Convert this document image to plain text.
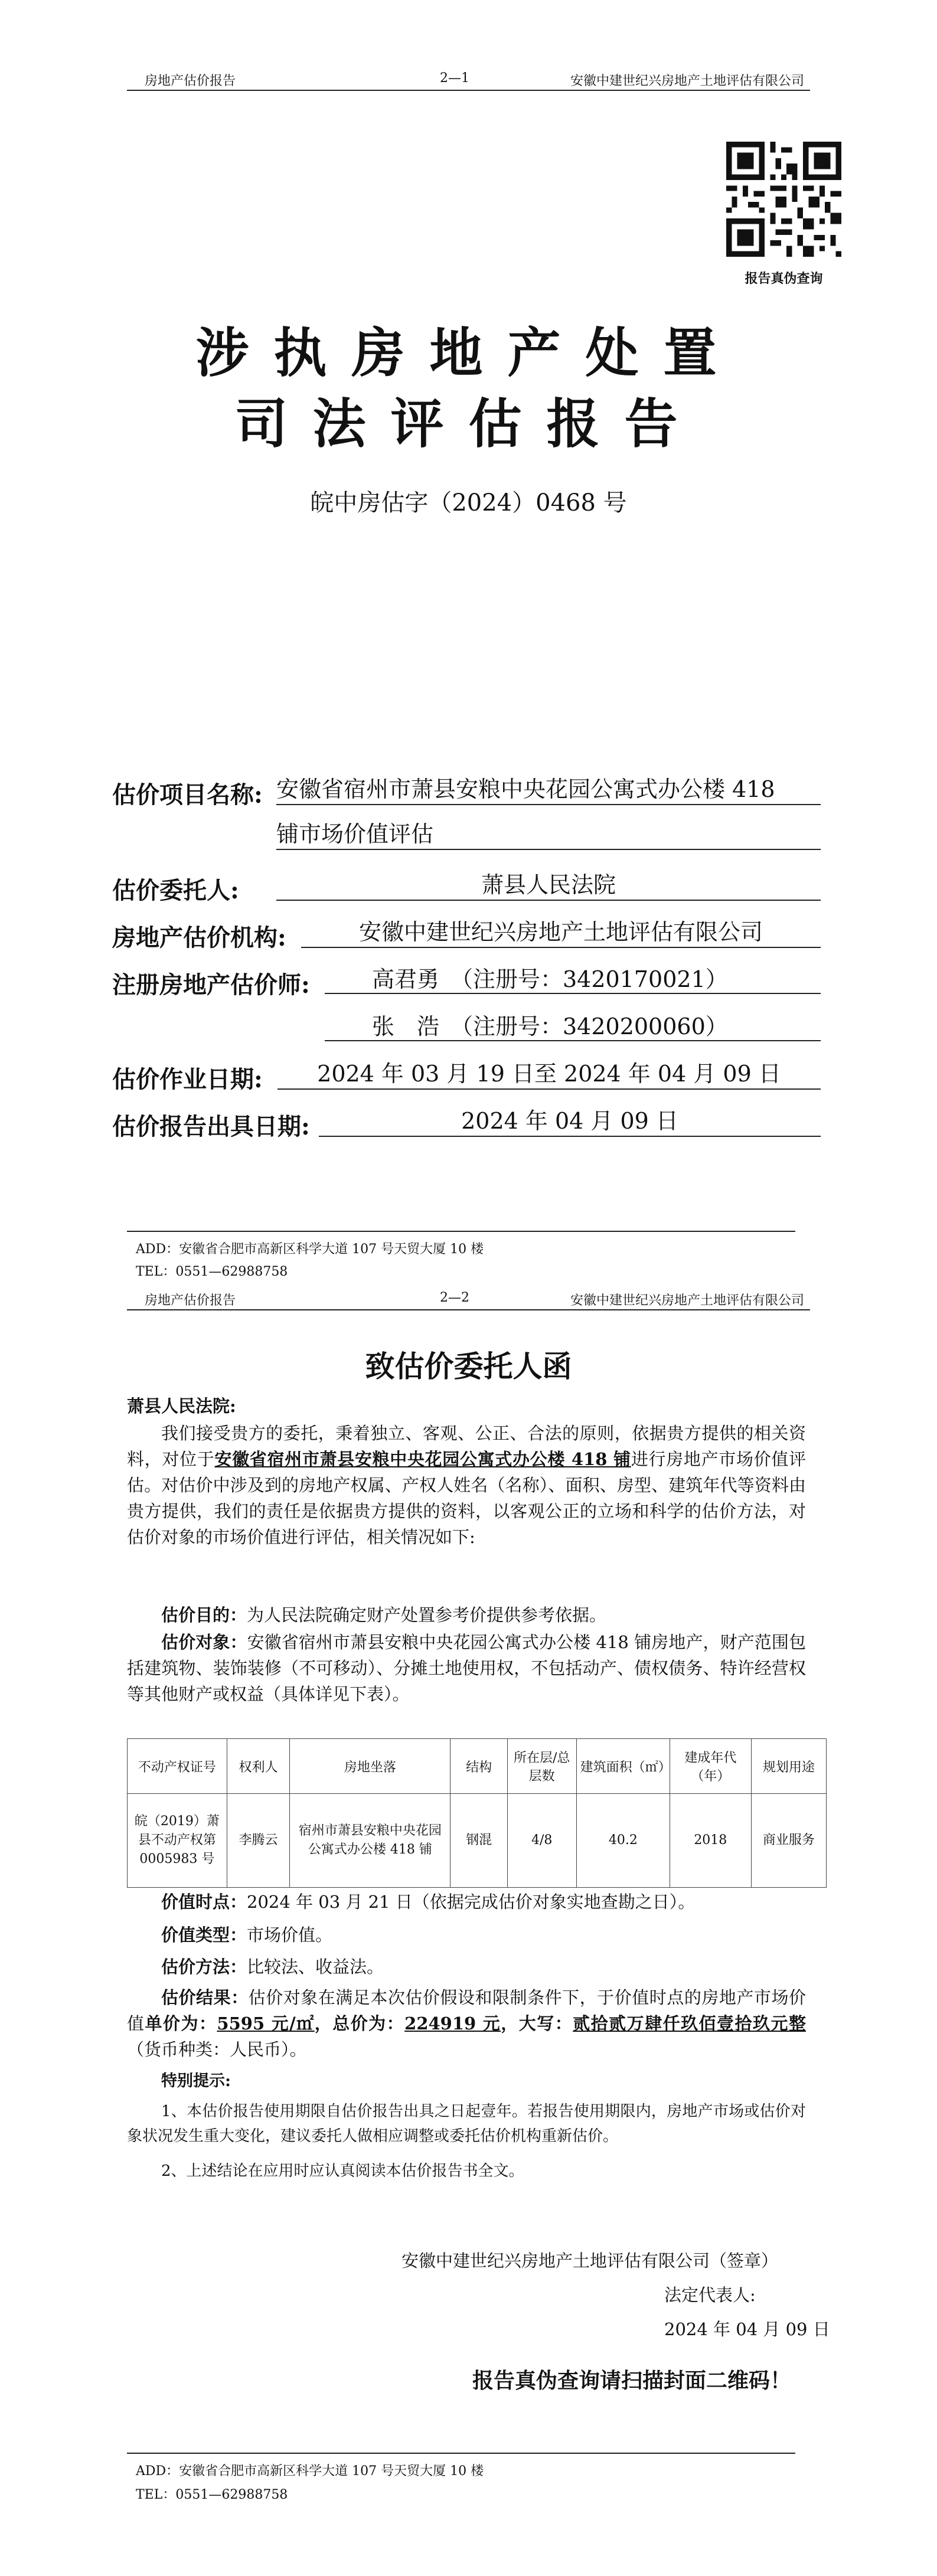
房地产估价报告	2—1	安徽中建世纪兴房地产土地评估有限公司
报告真伪查询
涉执房地产处置
司法评估报告
皖中房估字（2024）0468 号
估价项目名称: 安徽省宿州市萧县安粮中央花园公寓式办公楼 418
铺市场价值评估
估价委托人:	萧县人民法院
房地产估价机构:	安徽中建世纪兴房地产土地评估有限公司
注册房地产估价师:	高君勇　（注册号：3420170021）
张　浩　（注册号：3420200060）
估价作业日期:	2024 年 03 月 19 日至 2024 年 04 月 09 日
估价报告出具日期:	2024 年 04 月 09 日
ADD：安徽省合肥市高新区科学大道 107 号天贸大厦 10 楼
TEL：0551—62988758
房地产估价报告	2—2	安徽中建世纪兴房地产土地评估有限公司
致估价委托人函
萧县人民法院:
我们接受贵方的委托，秉着独立、客观、公正、合法的原则，依据贵方提供的相关资料，对位于安徽省宿州市萧县安粮中央花园公寓式办公楼 418 铺进行房地产市场价值评估。对估价中涉及到的房地产权属、产权人姓名（名称）、面积、房型、建筑年代等资料由贵方提供，我们的责任是依据贵方提供的资料，以客观公正的立场和科学的估价方法，对估价对象的市场价值进行评估，相关情况如下:
估价目的：为人民法院确定财产处置参考价提供参考依据。
估价对象：安徽省宿州市萧县安粮中央花园公寓式办公楼 418 铺房地产，财产范围包括建筑物、装饰装修（不可移动）、分摊土地使用权，不包括动产、债权债务、特许经营权等其他财产或权益（具体详见下表）。
不动产权证号	权利人	房地坐落	结构	所在层/总层数	建筑面积（㎡）	建成年代（年）	规划用途
皖（2019）萧县不动产权第 0005983 号	李腾云	宿州市萧县安粮中央花园公寓式办公楼 418 铺	钢混	4/8	40.2	2018	商业服务
价值时点：2024 年 03 月 21 日（依据完成估价对象实地查勘之日）。
价值类型：市场价值。
估价方法：比较法、收益法。
估价结果：估价对象在满足本次估价假设和限制条件下，于价值时点的房地产市场价值单价为：5595 元/㎡，总价为：224919 元，大写：贰拾贰万肆仟玖佰壹拾玖元整（货币种类：人民币）。
特别提示:
1、本估价报告使用期限自估价报告出具之日起壹年。若报告使用期限内，房地产市场或估价对象状况发生重大变化，建议委托人做相应调整或委托估价机构重新估价。
2、上述结论在应用时应认真阅读本估价报告书全文。
安徽中建世纪兴房地产土地评估有限公司（签章）
法定代表人:
2024 年 04 月 09 日
报告真伪查询请扫描封面二维码！
ADD：安徽省合肥市高新区科学大道 107 号天贸大厦 10 楼
TEL：0551—62988758
